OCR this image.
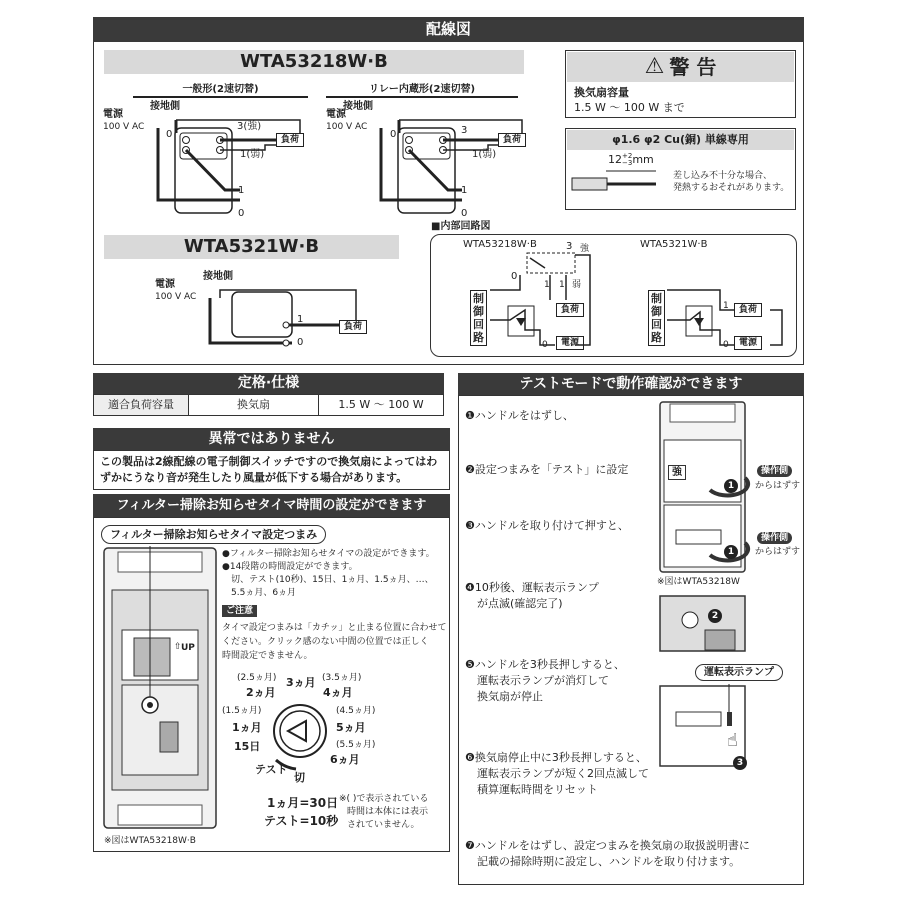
配線図
WTA53218W·B
一般形(2速切替)	リレー内蔵形(2速切替)
接地側
電源
100 V AC
0
3(強)
1(弱)
1
0
負荷
接地側
電源
100 V AC
0	3
1(弱)
1
0
負荷
WTA5321W·B
電源
接地側
100 V AC
1
0
負荷
⚠ 警 告
換気扇容量
1.5 W ～ 100 W まで
φ1.6 φ2 Cu(銅) 単線専用
12 +2
−3 mm
差し込み不十分な場合、
発熱するおそれがあります。
■内部回路図
WTA53218W·B	WTA5321W·B
3 強
0
1 1 弱
制御回路
制御回路
負荷
電源
負荷
電源
0
1
0
定格·仕様
適合負荷容量	換気扇	1.5 W ～ 100 W
異常ではありません
この製品は2線配線の電子制御スイッチですので換気扇によってはわずかにうなり音が発生したり風量が低下する場合があります。
フィルター掃除お知らせタイマ時間の設定ができます
フィルター掃除お知らせタイマ設定つまみ
UP
⇧
※図はWTA53218W·B
●フィルター掃除お知らせタイマの設定ができます。
●14段階の時間設定ができます。
切、テスト(10秒)、15日、1ヵ月、1.5ヵ月、…、
5.5ヵ月、6ヵ月
ご注意
タイマ設定つまみは「カチッ」と止まる位置に合わせて
ください。クリック感のない中間の位置では正しく
時間設定できません。
(2.5ヵ月) 3ヵ月 (3.5ヵ月)
2ヵ月	4ヵ月
(1.5ヵ月)	(4.5ヵ月)
1ヵ月	5ヵ月
15日	(5.5ヵ月)
6ヵ月
テスト
切
1ヵ月=30日
テスト=10秒
※( )で表示されている
時間は本体には表示
されていません。
テストモードで動作確認ができます
❶ハンドルをはずし、
❷設定つまみを「テスト」に設定
❸ハンドルを取り付けて押すと、
❹10秒後、運転表示ランプ
が点滅(確認完了)
❺ハンドルを3秒長押しすると、
運転表示ランプが消灯して
換気扇が停止
❻換気扇停止中に3秒長押しすると、
運転表示ランプが短く2回点滅して
積算運転時間をリセット
❼ハンドルをはずし、設定つまみを換気扇の取扱説明書に
記載の掃除時期に設定し、ハンドルを取り付けます。
強	操作側
からはずす
操作側
からはずす
1
1
2
3
☝
※図はWTA53218W
運転表示ランプ
